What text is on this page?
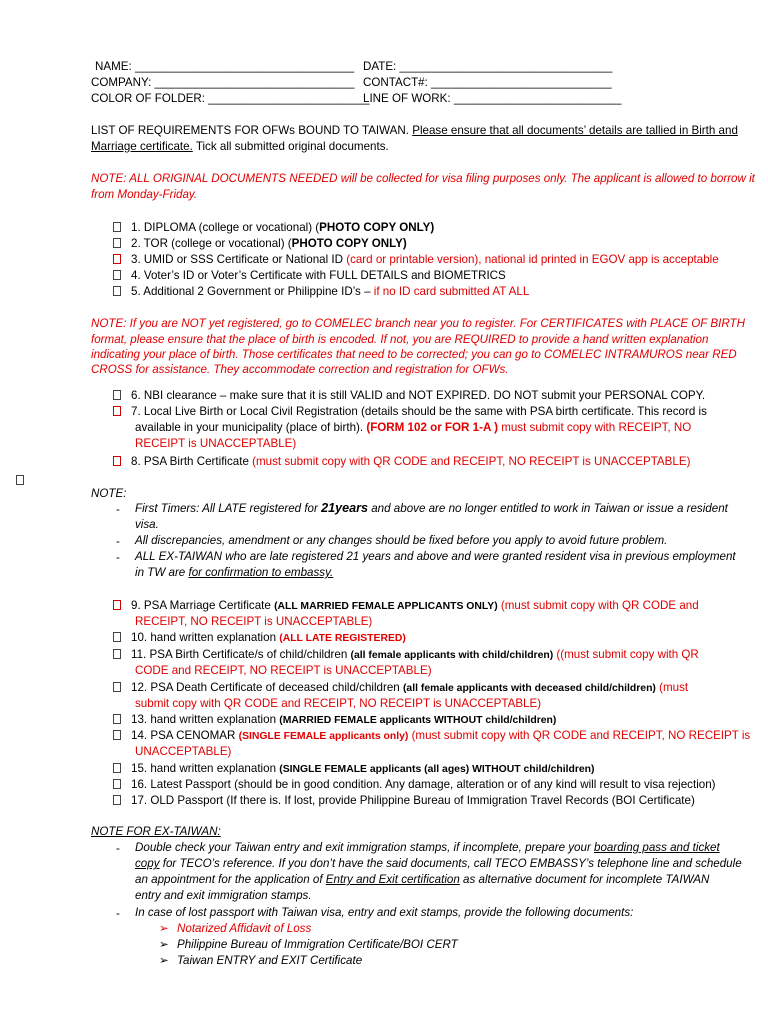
NAME: __________________________________ DATE: _________________________________
COMPANY: _______________________________ CONTACT#: ____________________________
COLOR OF FOLDER: _________________________
LINE OF WORK: __________________________
LIST OF REQUIREMENTS FOR OFWs BOUND TO TAIWAN. Please ensure that all documents’ details are tallied in Birth and
Marriage certificate. Tick all submitted original documents.
NOTE: ALL ORIGINAL DOCUMENTS NEEDED will be collected for visa filing purposes only. The applicant is allowed to borrow it
from Monday-Friday.
1. DIPLOMA (college or vocational) (PHOTO COPY ONLY)
2. TOR (college or vocational) (PHOTO COPY ONLY)
3. UMID or SSS Certificate or National ID (card or printable version), national id printed in EGOV app is acceptable
4. Voter’s ID or Voter’s Certificate with FULL DETAILS and BIOMETRICS
5. Additional 2 Government or Philippine ID’s – if no ID card submitted AT ALL
NOTE: If you are NOT yet registered, go to COMELEC branch near you to register. For CERTIFICATES with PLACE OF BIRTH
format, please ensure that the place of birth is encoded. If not, you are REQUIRED to provide a hand written explanation
indicating your place of birth. Those certificates that need to be corrected; you can go to COMELEC INTRAMUROS near RED
CROSS for assistance. They accommodate correction and registration for OFWs.
6. NBI clearance – make sure that it is still VALID and NOT EXPIRED. DO NOT submit your PERSONAL COPY.
7. Local Live Birth or Local Civil Registration (details should be the same with PSA birth certificate. This record is
available in your municipality (place of birth). (FORM 102 or FOR 1-A ) must submit copy with RECEIPT, NO
RECEIPT is UNACCEPTABLE)
8. PSA Birth Certificate (must submit copy with QR CODE and RECEIPT, NO RECEIPT is UNACCEPTABLE)
NOTE:
- First Timers: All LATE registered for 21years and above are no longer entitled to work in Taiwan or issue a resident
visa.
- All discrepancies, amendment or any changes should be fixed before you apply to avoid future problem.
- ALL EX-TAIWAN who are late registered 21 years and above and were granted resident visa in previous employment
in TW are for confirmation to embassy.
9. PSA Marriage Certificate (ALL MARRIED FEMALE APPLICANTS ONLY) (must submit copy with QR CODE and
RECEIPT, NO RECEIPT is UNACCEPTABLE)
10. hand written explanation (ALL LATE REGISTERED)
11. PSA Birth Certificate/s of child/children (all female applicants with child/children) ((must submit copy with QR
CODE and RECEIPT, NO RECEIPT is UNACCEPTABLE)
12. PSA Death Certificate of deceased child/children (all female applicants with deceased child/children) (must
submit copy with QR CODE and RECEIPT, NO RECEIPT is UNACCEPTABLE)
13. hand written explanation (MARRIED FEMALE applicants WITHOUT child/children)
14. PSA CENOMAR (SINGLE FEMALE applicants only) (must submit copy with QR CODE and RECEIPT, NO RECEIPT is
UNACCEPTABLE)
15. hand written explanation (SINGLE FEMALE applicants (all ages) WITHOUT child/children)
16. Latest Passport (should be in good condition. Any damage, alteration or of any kind will result to visa rejection)
17. OLD Passport (If there is. If lost, provide Philippine Bureau of Immigration Travel Records (BOI Certificate)
NOTE FOR EX-TAIWAN:
- Double check your Taiwan entry and exit immigration stamps, if incomplete, prepare your boarding pass and ticket
copy for TECO’s reference. If you don’t have the said documents, call TECO EMBASSY’s telephone line and schedule
an appointment for the application of Entry and Exit certification as alternative document for incomplete TAIWAN
entry and exit immigration stamps.
- In case of lost passport with Taiwan visa, entry and exit stamps, provide the following documents:
➢ Notarized Affidavit of Loss
➢ Philippine Bureau of Immigration Certificate/BOI CERT
➢ Taiwan ENTRY and EXIT Certificate
